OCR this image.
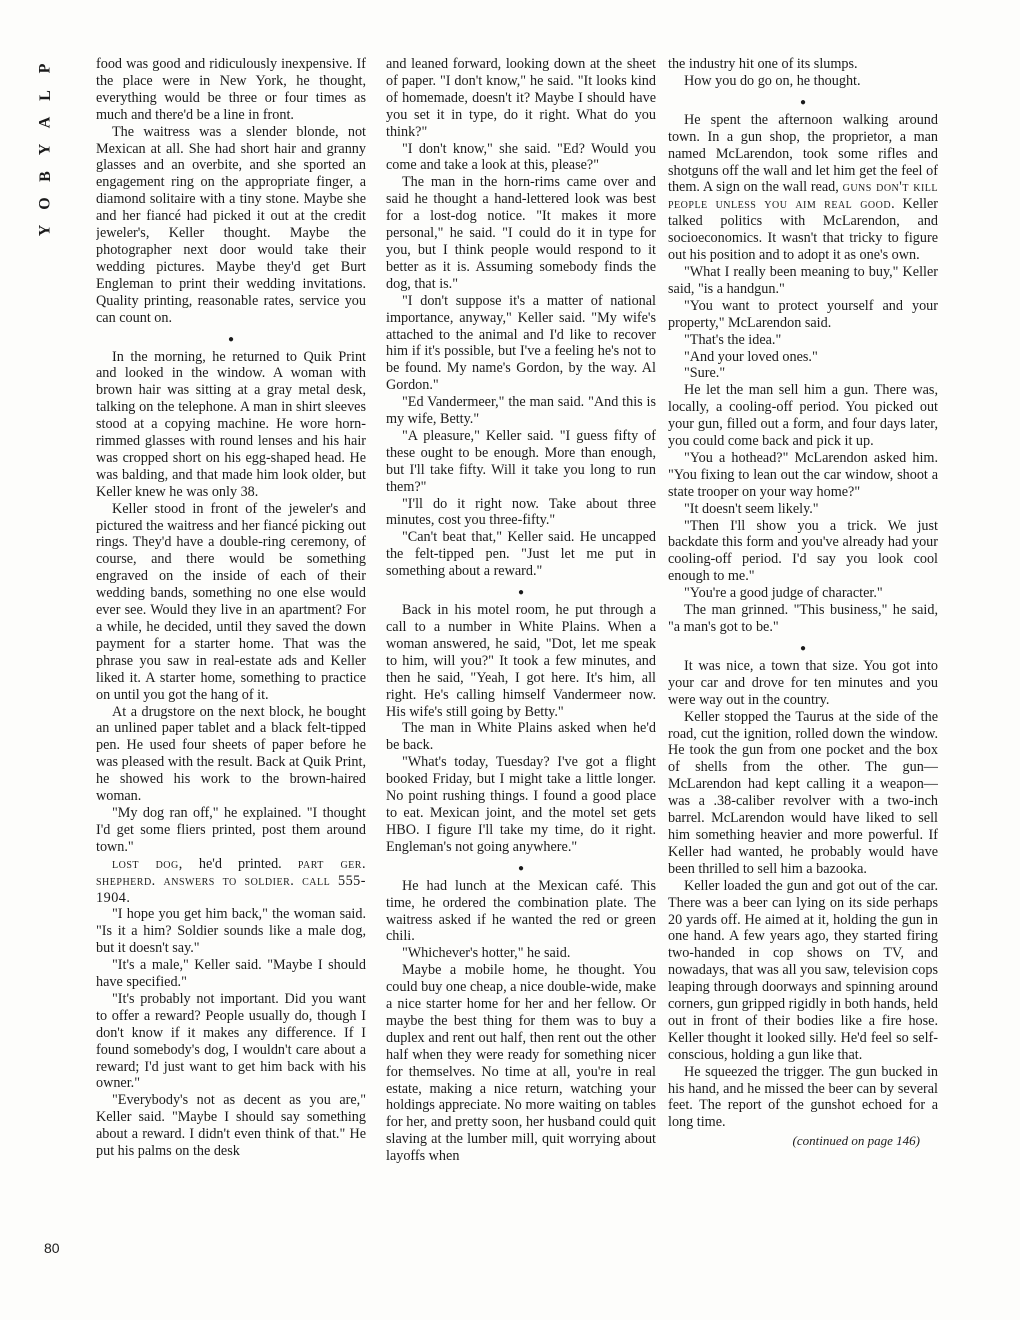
P
L
A
Y
B
O
Y
80

food was good and ridiculously inexpensive. If the place were in New York, he thought, everything would be three or four times as much and there'd be a line in front.

The waitress was a slender blonde, not Mexican at all. She had short hair and granny glasses and an overbite, and she sported an engagement ring on the appropriate finger, a diamond solitaire with a tiny stone. Maybe she and her fiancé had picked it out at the credit jeweler's, Keller thought. Maybe the photographer next door would take their wedding pictures. Maybe they'd get Burt Engleman to print their wedding invitations. Quality printing, reasonable rates, service you can count on.

●

In the morning, he returned to Quik Print and looked in the window. A woman with brown hair was sitting at a gray metal desk, talking on the telephone. A man in shirt sleeves stood at a copying machine. He wore horn-rimmed glasses with round lenses and his hair was cropped short on his egg-shaped head. He was balding, and that made him look older, but Keller knew he was only 38.

Keller stood in front of the jeweler's and pictured the waitress and her fiancé picking out rings. They'd have a double-ring ceremony, of course, and there would be something engraved on the inside of each of their wedding bands, something no one else would ever see. Would they live in an apartment? For a while, he decided, until they saved the down payment for a starter home. That was the phrase you saw in real-estate ads and Keller liked it. A starter home, something to practice on until you got the hang of it.

At a drugstore on the next block, he bought an unlined paper tablet and a black felt-tipped pen. He used four sheets of paper before he was pleased with the result. Back at Quik Print, he showed his work to the brown-haired woman.

"My dog ran off," he explained. "I thought I'd get some fliers printed, post them around town."

lost dog, he'd printed. part ger. shepherd. answers to soldier. call 555-1904.

"I hope you get him back," the woman said. "Is it a him? Soldier sounds like a male dog, but it doesn't say."

"It's a male," Keller said. "Maybe I should have specified."

"It's probably not important. Did you want to offer a reward? People usually do, though I don't know if it makes any difference. If I found somebody's dog, I wouldn't care about a reward; I'd just want to get him back with his owner."

"Everybody's not as decent as you are," Keller said. "Maybe I should say something about a reward. I didn't even think of that." He put his palms on the desk

and leaned forward, looking down at the sheet of paper. "I don't know," he said. "It looks kind of homemade, doesn't it? Maybe I should have you set it in type, do it right. What do you think?"

"I don't know," she said. "Ed? Would you come and take a look at this, please?"

The man in the horn-rims came over and said he thought a hand-lettered look was best for a lost-dog notice. "It makes it more personal," he said. "I could do it in type for you, but I think people would respond to it better as it is. Assuming somebody finds the dog, that is."

"I don't suppose it's a matter of national importance, anyway," Keller said. "My wife's attached to the animal and I'd like to recover him if it's possible, but I've a feeling he's not to be found. My name's Gordon, by the way. Al Gordon."

"Ed Vandermeer," the man said. "And this is my wife, Betty."

"A pleasure," Keller said. "I guess fifty of these ought to be enough. More than enough, but I'll take fifty. Will it take you long to run them?"

"I'll do it right now. Take about three minutes, cost you three-fifty."

"Can't beat that," Keller said. He uncapped the felt-tipped pen. "Just let me put in something about a reward."

●

Back in his motel room, he put through a call to a number in White Plains. When a woman answered, he said, "Dot, let me speak to him, will you?" It took a few minutes, and then he said, "Yeah, I got here. It's him, all right. He's calling himself Vandermeer now. His wife's still going by Betty."

The man in White Plains asked when he'd be back.

"What's today, Tuesday? I've got a flight booked Friday, but I might take a little longer. No point rushing things. I found a good place to eat. Mexican joint, and the motel set gets HBO. I figure I'll take my time, do it right. Engleman's not going anywhere."

●

He had lunch at the Mexican café. This time, he ordered the combination plate. The waitress asked if he wanted the red or green chili.

"Whichever's hotter," he said.

Maybe a mobile home, he thought. You could buy one cheap, a nice double-wide, make a nice starter home for her and her fellow. Or maybe the best thing for them was to buy a duplex and rent out half, then rent out the other half when they were ready for something nicer for themselves. No time at all, you're in real estate, making a nice return, watching your holdings appreciate. No more waiting on tables for her, and pretty soon, her husband could quit slaving at the lumber mill, quit worrying about layoffs when

the industry hit one of its slumps.

How you do go on, he thought.

●

He spent the afternoon walking around town. In a gun shop, the proprietor, a man named McLarendon, took some rifles and shotguns off the wall and let him get the feel of them. A sign on the wall read, guns don't kill people unless you aim real good. Keller talked politics with McLarendon, and socioeconomics. It wasn't that tricky to figure out his position and to adopt it as one's own.

"What I really been meaning to buy," Keller said, "is a handgun."

"You want to protect yourself and your property," McLarendon said.

"That's the idea."

"And your loved ones."

"Sure."

He let the man sell him a gun. There was, locally, a cooling-off period. You picked out your gun, filled out a form, and four days later, you could come back and pick it up.

"You a hothead?" McLarendon asked him. "You fixing to lean out the car window, shoot a state trooper on your way home?"

"It doesn't seem likely."

"Then I'll show you a trick. We just backdate this form and you've already had your cooling-off period. I'd say you look cool enough to me."

"You're a good judge of character."

The man grinned. "This business," he said, "a man's got to be."

●

It was nice, a town that size. You got into your car and drove for ten minutes and you were way out in the country.

Keller stopped the Taurus at the side of the road, cut the ignition, rolled down the window. He took the gun from one pocket and the box of shells from the other. The gun—McLarendon had kept calling it a weapon—was a .38-caliber revolver with a two-inch barrel. McLarendon would have liked to sell him something heavier and more powerful. If Keller had wanted, he probably would have been thrilled to sell him a bazooka.

Keller loaded the gun and got out of the car. There was a beer can lying on its side perhaps 20 yards off. He aimed at it, holding the gun in one hand. A few years ago, they started firing two-handed in cop shows on TV, and nowadays, that was all you saw, television cops leaping through doorways and spinning around corners, gun gripped rigidly in both hands, held out in front of their bodies like a fire hose. Keller thought it looked silly. He'd feel so self-conscious, holding a gun like that.

He squeezed the trigger. The gun bucked in his hand, and he missed the beer can by several feet. The report of the gunshot echoed for a long time.

(continued on page 146)
